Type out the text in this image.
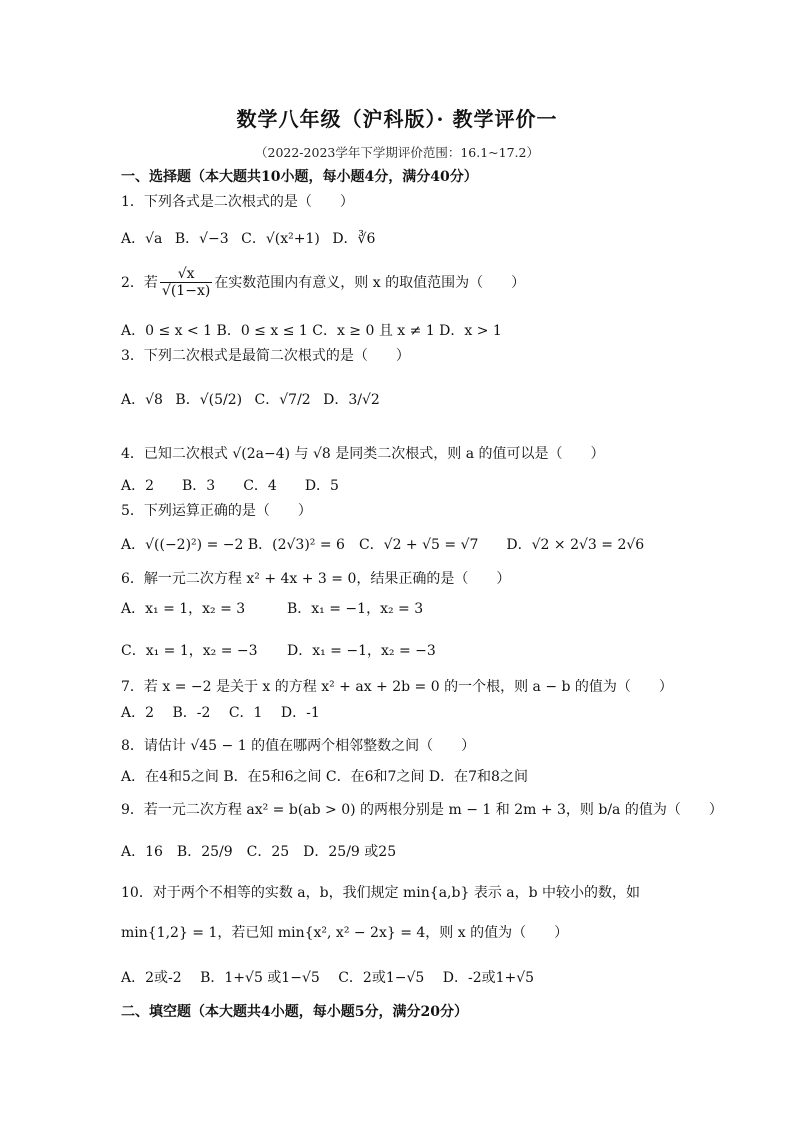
数学八年级（沪科版）· 教学评价一
（2022-2023学年下学期评价范围：16.1~17.2）
一、选择题（本大题共10小题，每小题4分，满分40分）
1．下列各式是二次根式的是（　　）
A．√a B．√−3 C．√(x²+1) D．∛6
2．若 $\frac{√x}{√(1-x)}$ 在实数范围内有意义，则 x 的取值范围为（　　）
A．0 ≤ x < 1 B．0 ≤ x ≤ 1 C．x ≥ 0 且 x ≠ 1 D．x > 1
3．下列二次根式是最简二次根式的是（　　）
A．√8 B．√(5/2) C．√7/2 D．3/√2
4．已知二次根式 √(2a−4) 与 √8 是同类二次根式，则 a 的值可以是（　　）
A．2　　B．3　　C．4　　D．5
5．下列运算正确的是（　　）
A．√((−2)²) = −2 B．(2√3)² = 6　C．√2 + √5 = √7　　D．√2 × 2√3 = 2√6
6．解一元二次方程 x² + 4x + 3 = 0，结果正确的是（　　）
A．x₁ = 1，x₂ = 3	B．x₁ = −1，x₂ = 3
C．x₁ = 1，x₂ = −3 D．x₁ = −1，x₂ = −3
7．若 x = −2 是关于 x 的方程 x² + ax + 2b = 0 的一个根，则 a − b 的值为（　　）
A．2　 B．-2　 C．1　 D．-1
8．请估计 √45 − 1 的值在哪两个相邻整数之间（　　）
A．在4和5之间 B．在5和6之间 C．在6和7之间 D．在7和8之间
9．若一元二次方程 ax² = b(ab > 0) 的两根分别是 m − 1 和 2m + 3，则 b/a 的值为（　　）
A．16　B．25/9　C．25　D．25/9 或25
10．对于两个不相等的实数 a，b，我们规定 min{a,b} 表示 a，b 中较小的数，如
min{1,2} = 1，若已知 min{x², x² − 2x} = 4，则 x 的值为（　　）
A．2或-2　 B．1+√5 或1−√5　 C．2或1−√5　 D．-2或1+√5
二、填空题（本大题共4小题，每小题5分，满分20分）
